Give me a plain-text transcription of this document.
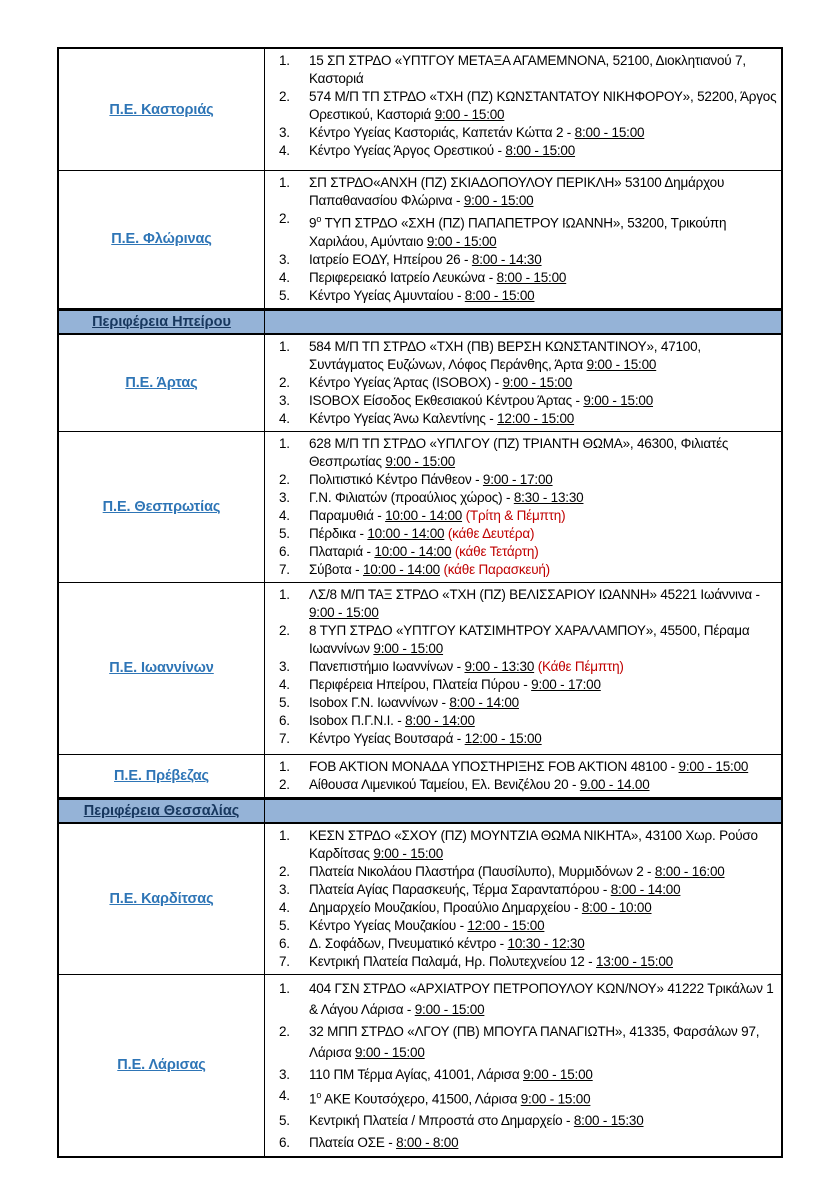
Π.Ε. Καστοριάς
1.	15 ΣΠ ΣΤΡΔΟ «ΥΠΤΓΟΥ ΜΕΤΑΞΑ ΑΓΑΜΕΜΝΟΝΑ, 52100, Διοκλητιανού 7, Καστοριά
2.	574 Μ/Π ΤΠ ΣΤΡΔΟ «ΤΧΗ (ΠΖ) ΚΩΝΣΤΑΝΤΑΤΟΥ ΝΙΚΗΦΟΡΟΥ», 52200, Άργος Ορεστικού, Καστοριά 9:00 - 15:00
3.	Κέντρο Υγείας Καστοριάς, Καπετάν Κώττα 2 - 8:00 - 15:00
4.	Κέντρο Υγείας Άργος Ορεστικού - 8:00 - 15:00
Π.Ε. Φλώρινας
1.	ΣΠ ΣΤΡΔΟ«ΑΝΧΗ (ΠΖ) ΣΚΙΑΔΟΠΟΥΛΟΥ ΠΕΡΙΚΛΗ» 53100 Δημάρχου Παπαθανασίου Φλώρινα - 9:00 - 15:00
2.	$9^o$ ΤΥΠ ΣΤΡΔΟ «ΣΧΗ (ΠΖ) ΠΑΠΑΠΕΤΡΟΥ ΙΩΑΝΝΗ», 53200, Τρικούπη Χαριλάου, Αμύνταιο 9:00 - 15:00
3.	Ιατρείο ΕΟΔΥ, Ηπείρου 26 - 8:00 - 14:30
4.	Περιφερειακό Ιατρείο Λευκώνα - 8:00 - 15:00
5.	Κέντρο Υγείας Αμυνταίου - 8:00 - 15:00
Περιφέρεια Ηπείρου
Π.Ε. Άρτας
1.	584 Μ/Π ΤΠ ΣΤΡΔΟ «ΤΧΗ (ΠΒ) ΒΕΡΣΗ ΚΩΝΣΤΑΝΤΙΝΟΥ», 47100, Συντάγματος Ευζώνων, Λόφος Περάνθης, Άρτα 9:00 - 15:00
2.	Κέντρο Υγείας Άρτας (ISOBOX) - 9:00 - 15:00
3.	ISOBOX Είσοδος Εκθεσιακού Κέντρου Άρτας - 9:00 - 15:00
4.	Κέντρο Υγείας Άνω Καλεντίνης - 12:00 - 15:00
Π.Ε. Θεσπρωτίας
1.	628 Μ/Π ΤΠ ΣΤΡΔΟ «ΥΠΛΓΟΥ (ΠΖ) ΤΡΙΑΝΤΗ ΘΩΜΑ», 46300, Φιλιατές Θεσπρωτίας 9:00 - 15:00
2.	Πολιτιστικό Κέντρο Πάνθεον - 9:00 - 17:00
3.	Γ.Ν. Φιλιατών (προαύλιος χώρος) - 8:30 - 13:30
4.	Παραμυθιά - 10:00 - 14:00 (Τρίτη & Πέμπτη)
5.	Πέρδικα - 10:00 - 14:00 (κάθε Δευτέρα)
6.	Πλαταριά - 10:00 - 14:00 (κάθε Τετάρτη)
7.	Σύβοτα - 10:00 - 14:00 (κάθε Παρασκευή)
Π.Ε. Ιωαννίνων
1.	ΛΣ/8 Μ/Π ΤΑΞ ΣΤΡΔΟ «ΤΧΗ (ΠΖ) ΒΕΛΙΣΣΑΡΙΟΥ ΙΩΑΝΝΗ» 45221 Ιωάννινα - 9:00 - 15:00
2.	8 ΤΥΠ ΣΤΡΔΟ «ΥΠΤΓΟΥ ΚΑΤΣΙΜΗΤΡΟΥ ΧΑΡΑΛΑΜΠΟΥ», 45500, Πέραμα Ιωαννίνων 9:00 - 15:00
3.	Πανεπιστήμιο Ιωαννίνων - 9:00 - 13:30 (Κάθε Πέμπτη)
4.	Περιφέρεια Ηπείρου, Πλατεία Πύρου - 9:00 - 17:00
5.	Isobox Γ.Ν. Ιωαννίνων - 8:00 - 14:00
6.	Isobox Π.Γ.Ν.Ι. - 8:00 - 14:00
7.	Κέντρο Υγείας Βουτσαρά - 12:00 - 15:00
Π.Ε. Πρέβεζας
1.	FOB AKTION ΜΟΝΑΔΑ ΥΠΟΣΤΗΡΙΞΗΣ FOB AKTION 48100 - 9:00 - 15:00
2.	Αίθουσα Λιμενικού Ταμείου, Ελ. Βενιζέλου 20 - 9.00 - 14.00
Περιφέρεια Θεσσαλίας
Π.Ε. Καρδίτσας
1.	ΚΕΣΝ ΣΤΡΔΟ «ΣΧΟΥ (ΠΖ) ΜΟΥΝΤΖΙΑ ΘΩΜΑ ΝΙΚΗΤΑ», 43100 Χωρ. Ρούσο Καρδίτσας 9:00 - 15:00
2.	Πλατεία Νικολάου Πλαστήρα (Παυσίλυπο), Μυρμιδόνων 2 - 8:00 - 16:00
3.	Πλατεία Αγίας Παρασκευής, Τέρμα Σαρανταπόρου - 8:00 - 14:00
4.	Δημαρχείο Μουζακίου, Προαύλιο Δημαρχείου - 8:00 - 10:00
5.	Κέντρο Υγείας Μουζακίου - 12:00 - 15:00
6.	Δ. Σοφάδων, Πνευματικό κέντρο - 10:30 - 12:30
7.	Κεντρική Πλατεία Παλαμά, Ηρ. Πολυτεχνείου 12 - 13:00 - 15:00
Π.Ε. Λάρισας
1.	404 ΓΣΝ ΣΤΡΔΟ «ΑΡΧΙΑΤΡΟΥ ΠΕΤΡΟΠΟΥΛΟΥ ΚΩΝ/ΝΟΥ» 41222 Τρικάλων 1 & Λάγου Λάρισα - 9:00 - 15:00
2.	32 ΜΠΠ ΣΤΡΔΟ «ΛΓΟΥ (ΠΒ) ΜΠΟΥΓΑ ΠΑΝΑΓΙΩΤΗ», 41335, Φαρσάλων 97, Λάρισα 9:00 - 15:00
3.	110 ΠΜ Τέρμα Αγίας, 41001, Λάρισα 9:00 - 15:00
4.	$1^o$ ΑΚΕ Κουτσόχερο, 41500, Λάρισα 9:00 - 15:00
5.	Κεντρική Πλατεία / Μπροστά στο Δημαρχείο - 8:00 - 15:30
6.	Πλατεία ΟΣΕ - 8:00 - 8:00
